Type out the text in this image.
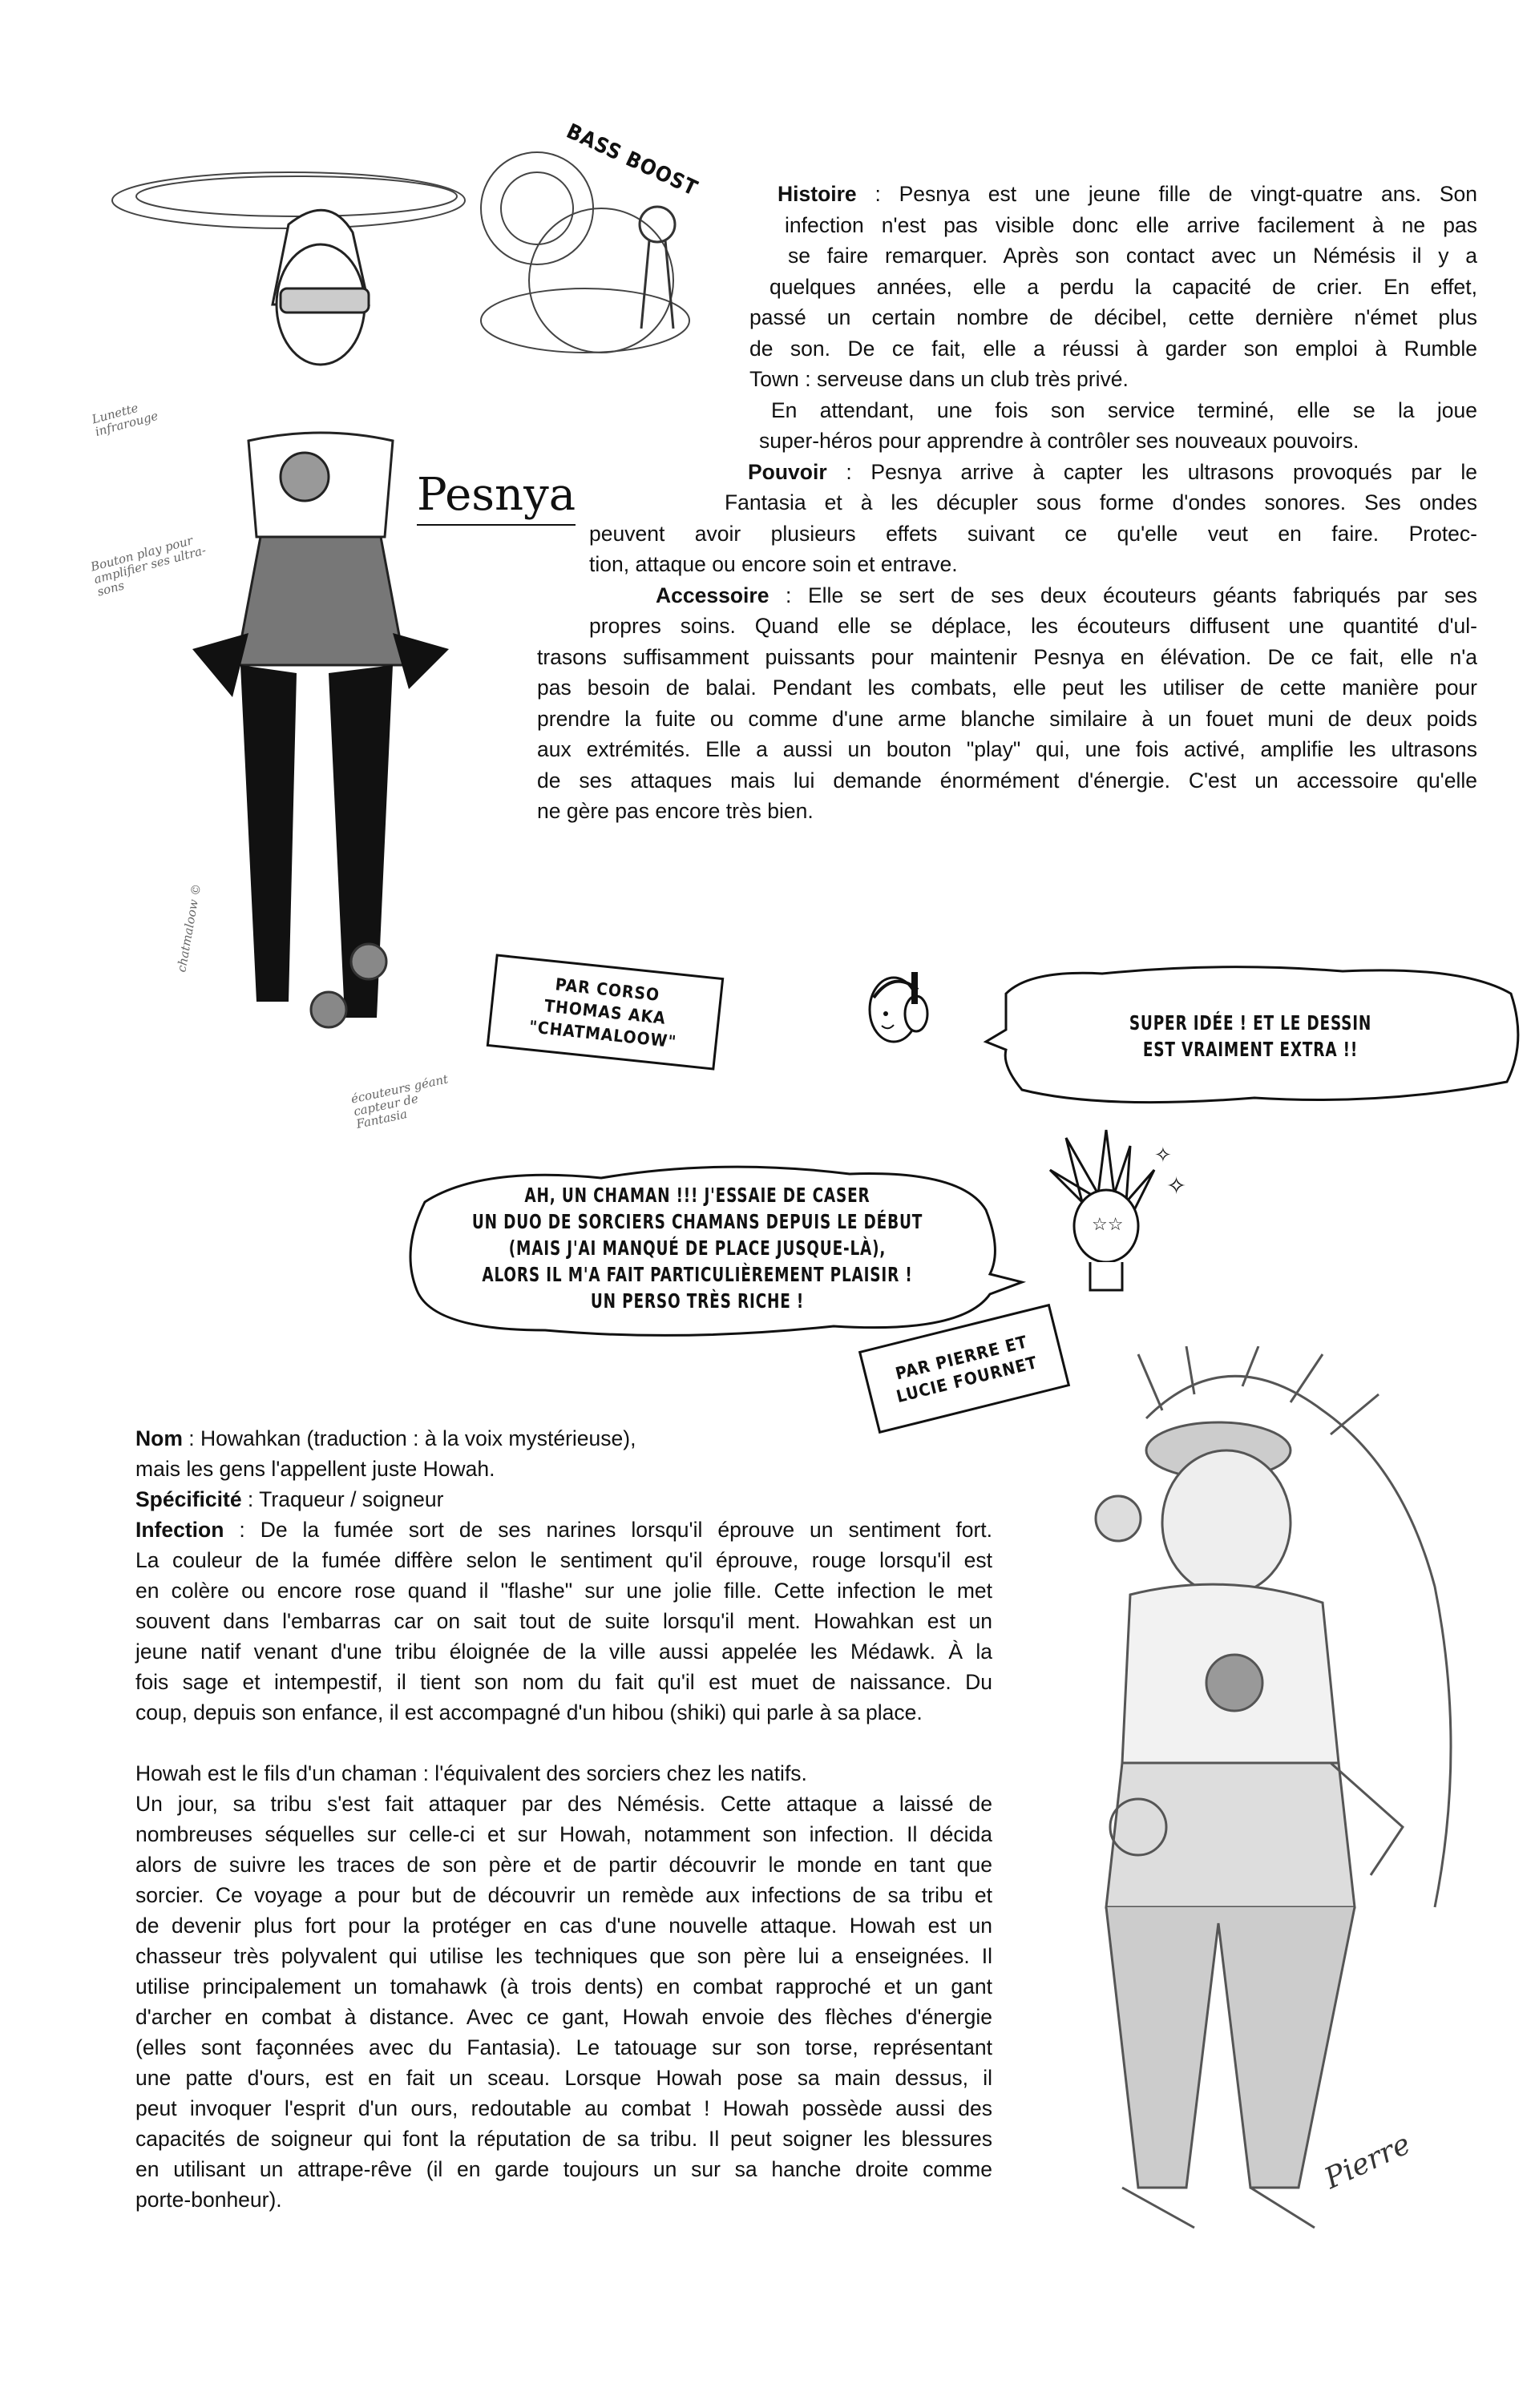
BASS BOOST
Lunette infrarouge
Bouton play pour amplifier ses ultra-sons
écouteurs géant capteur de Fantasia
chatmaloow ©
Pesnya
Histoire : Pesnya est une jeune fille de vingt-quatre ans. Son
infection n'est pas visible donc elle arrive facilement à ne pas
se faire remarquer. Après son contact avec un Némésis il y a
quelques années, elle a perdu la capacité de crier. En effet,
passé un certain nombre de décibel, cette dernière n'émet plus
de son. De ce fait, elle a réussi à garder son emploi à Rumble
Town : serveuse dans un club très privé.
En attendant, une fois son service terminé, elle se la joue
super-héros pour apprendre à contrôler ses nouveaux pouvoirs.
Pouvoir : Pesnya arrive à capter les ultrasons provoqués par le
Fantasia et à les décupler sous forme d'ondes sonores. Ses ondes
peuvent avoir plusieurs effets suivant ce qu'elle veut en faire. Protec-
tion, attaque ou encore soin et entrave.
Accessoire : Elle se sert de ses deux écouteurs géants fabriqués par ses
propres soins. Quand elle se déplace, les écouteurs diffusent une quantité d'ul-
trasons suffisamment puissants pour maintenir Pesnya en élévation. De ce fait, elle n'a
pas besoin de balai. Pendant les combats, elle peut les utiliser de cette manière pour
prendre la fuite ou comme d'une arme blanche similaire à un fouet muni de deux poids
aux extrémités. Elle a aussi un bouton "play" qui, une fois activé, amplifie les ultrasons
de ses attaques mais lui demande énormément d'énergie. C'est un accessoire qu'elle
ne gère pas encore très bien.
PAR CORSO THOMAS AKA "CHATMALOOW"	SUPER IDÉE ! ET LE DESSIN
EST VRAIMENT EXTRA !!
AH, UN CHAMAN !!! J'ESSAIE DE CASER
UN DUO DE SORCIERS CHAMANS DEPUIS LE DÉBUT
(MAIS J'AI MANQUÉ DE PLACE JUSQUE-LÀ),
ALORS IL M'A FAIT PARTICULIÈREMENT PLAISIR !
UN PERSO TRÈS RICHE !
☆☆
✧
✧
PAR PIERRE ET LUCIE FOURNET
Pierre
Nom : Howahkan (traduction : à la voix mystérieuse),
mais les gens l'appellent juste Howah.
Spécificité : Traqueur / soigneur
Infection : De la fumée sort de ses narines lorsqu'il éprouve un sentiment fort.
La couleur de la fumée diffère selon le sentiment qu'il éprouve, rouge lorsqu'il est
en colère ou encore rose quand il "flashe" sur une jolie fille. Cette infection le met
souvent dans l'embarras car on sait tout de suite lorsqu'il ment. Howahkan est un
jeune natif venant d'une tribu éloignée de la ville aussi appelée les Médawk. À la
fois sage et intempestif, il tient son nom du fait qu'il est muet de naissance. Du
coup, depuis son enfance, il est accompagné d'un hibou (shiki) qui parle à sa place.
Howah est le fils d'un chaman : l'équivalent des sorciers chez les natifs.
Un jour, sa tribu s'est fait attaquer par des Némésis. Cette attaque a laissé de
nombreuses séquelles sur celle-ci et sur Howah, notamment son infection. Il décida
alors de suivre les traces de son père et de partir découvrir le monde en tant que
sorcier. Ce voyage a pour but de découvrir un remède aux infections de sa tribu et
de devenir plus fort pour la protéger en cas d'une nouvelle attaque. Howah est un
chasseur très polyvalent qui utilise les techniques que son père lui a enseignées. Il
utilise principalement un tomahawk (à trois dents) en combat rapproché et un gant
d'archer en combat à distance. Avec ce gant, Howah envoie des flèches d'énergie
(elles sont façonnées avec du Fantasia). Le tatouage sur son torse, représentant
une patte d'ours, est en fait un sceau. Lorsque Howah pose sa main dessus, il
peut invoquer l'esprit d'un ours, redoutable au combat ! Howah possède aussi des
capacités de soigneur qui font la réputation de sa tribu. Il peut soigner les blessures
en utilisant un attrape-rêve (il en garde toujours un sur sa hanche droite comme
porte-bonheur).
